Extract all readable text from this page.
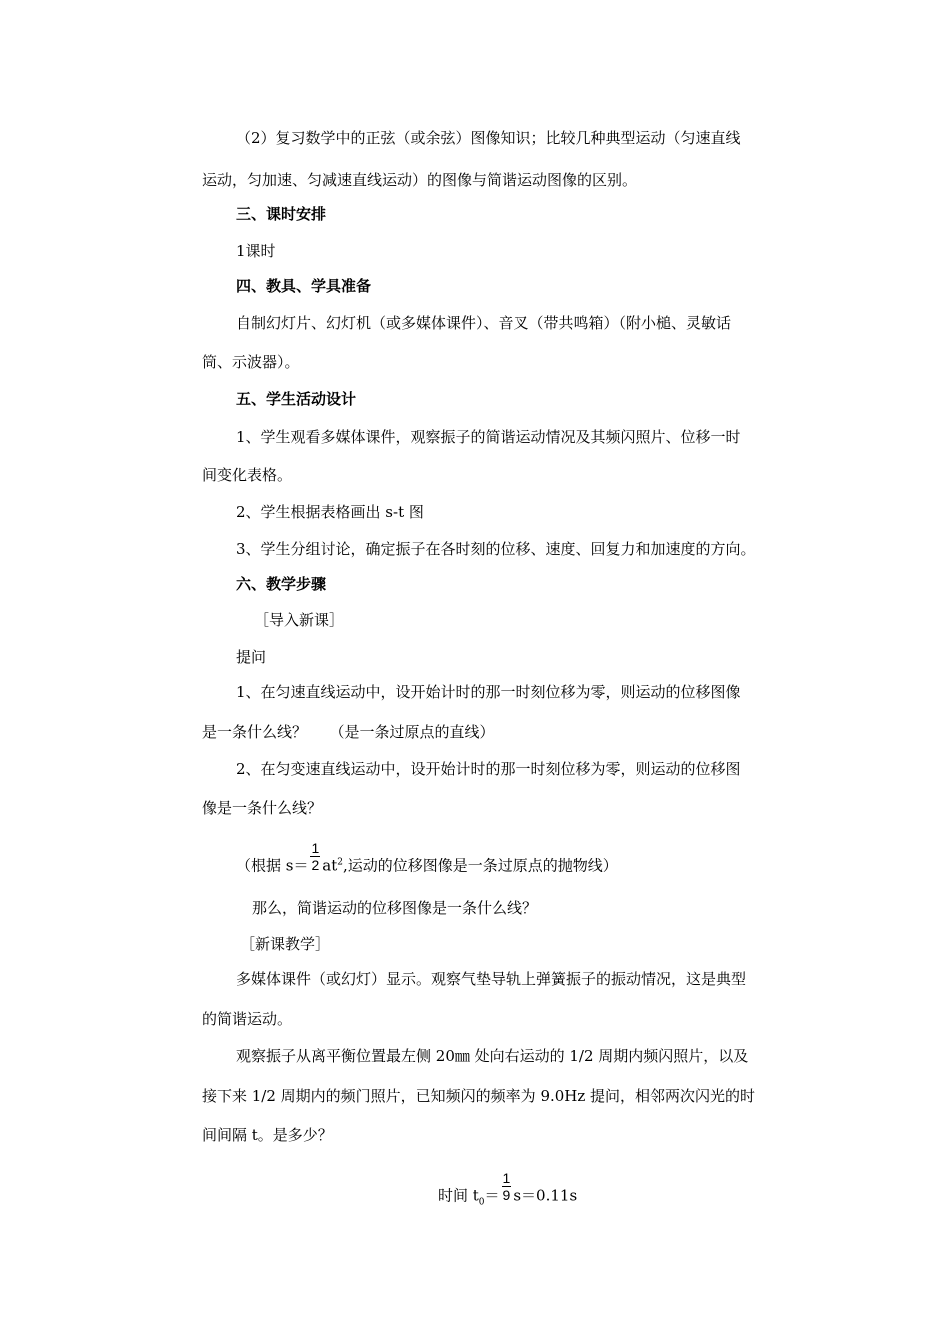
（2）复习数学中的正弦（或余弦）图像知识；比较几种典型运动（匀速直线
运动，匀加速、匀减速直线运动）的图像与简谐运动图像的区别。
三、课时安排
1课时
四、教具、学具准备
自制幻灯片、幻灯机（或多媒体课件）、音叉（带共鸣箱）（附小槌、灵敏话
筒、示波器）。
五、学生活动设计
1、学生观看多媒体课件，观察振子的简谐运动情况及其频闪照片、位移一时
间变化表格。
2、学生根据表格画出 s-t 图
3、学生分组讨论，确定振子在各时刻的位移、速度、回复力和加速度的方向。
六、教学步骤
［导入新课］
提问
1、在匀速直线运动中，设开始计时的那一时刻位移为零，则运动的位移图像
是一条什么线？　　（是一条过原点的直线）
2、在匀变速直线运动中，设开始计时的那一时刻位移为零，则运动的位移图
像是一条什么线？
（根据 $s= \frac{1}{2} at^2$,运动的位移图像是一条过原点的抛物线）
那么，简谐运动的位移图像是一条什么线？
［新课教学］
多媒体课件（或幻灯）显示。观察气垫导轨上弹簧振子的振动情况，这是典型
的简谐运动。
观察振子从离平衡位置最左侧 20㎜ 处向右运动的 1/2 周期内频闪照片，以及
接下来 1/2 周期内的频门照片，已知频闪的频率为 9.0Hz 提问，相邻两次闪光的时
间间隔 t。是多少？
时间 $t_0= \frac{1}{9} s=0.11s$
